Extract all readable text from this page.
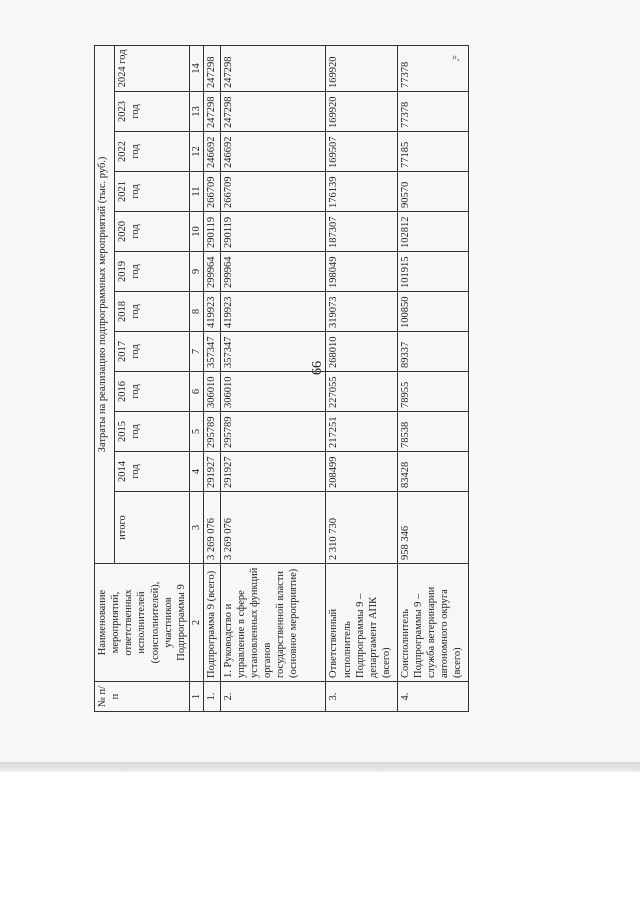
66
»,
№ п/п	Наименование мероприятий, ответственных исполнителей (соисполнителей), участников Подпрограммы 9	Затраты на реализацию подпрограммных мероприятий (тыс. руб.)											
		итого	2014 год	2015 год	2016 год	2017 год	2018 год	2019 год	2020 год	2021 год	2022 год	2023 год	2024 год
1	2	3	4	5	6	7	8	9	10	11	12	13	14
1.	Подпрограмма 9 (всего)	3 269 076	291927	295789	306010	357347	419923	299964	290119	266709	246692	247298	247298
2.	1. Руководство и управление в сфере установленных функций органов государственной власти (основное мероприятие)	3 269 076	291927	295789	306010	357347	419923	299964	290119	266709	246692	247298	247298
3.	Ответственный исполнитель Подпрограммы 9 – департамент АПК (всего)	2 310 730	208499	217251	227055	268010	319073	198049	187307	176139	169507	169920	169920
4.	Соисполнитель Подпрограммы 9 – служба ветеринарии автономного округа (всего)	958 346	83428	78538	78955	89337	100850	101915	102812	90570	77185	77378	77378
